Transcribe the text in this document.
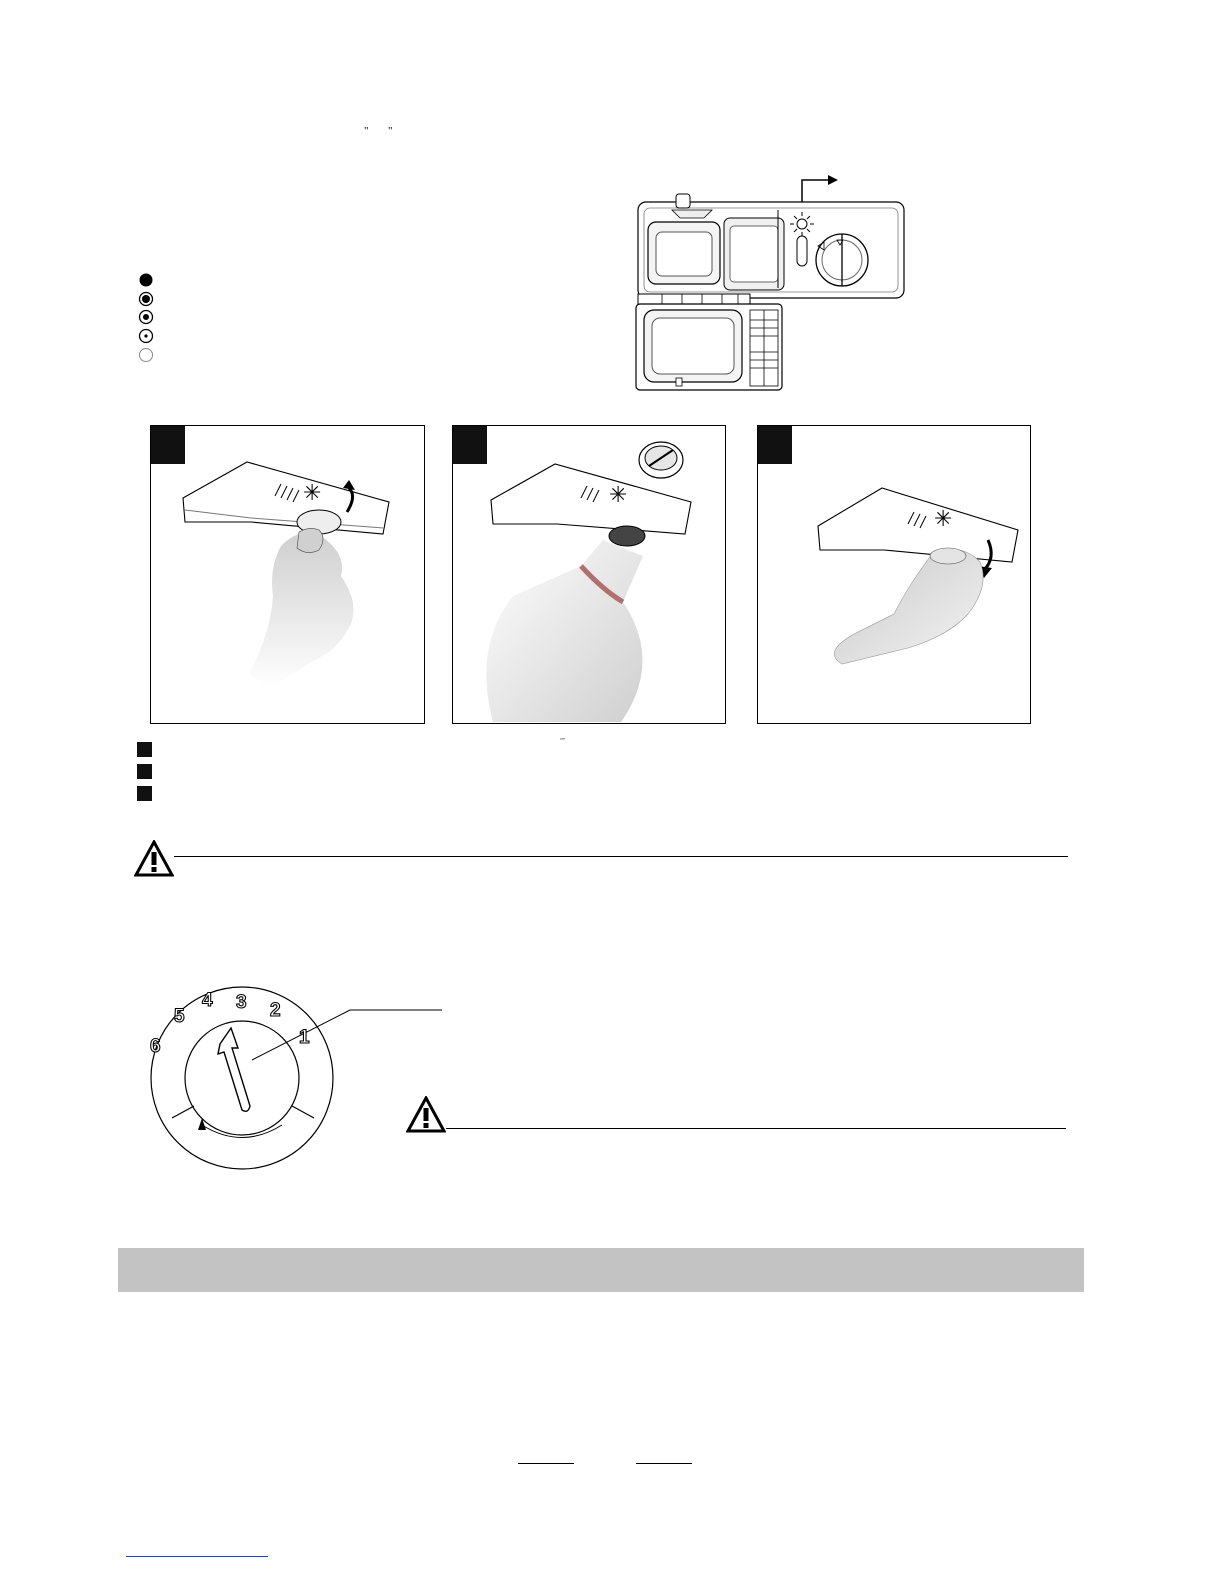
" "
✳	✳
✳
˝˝
1
2
3
4
5
6
